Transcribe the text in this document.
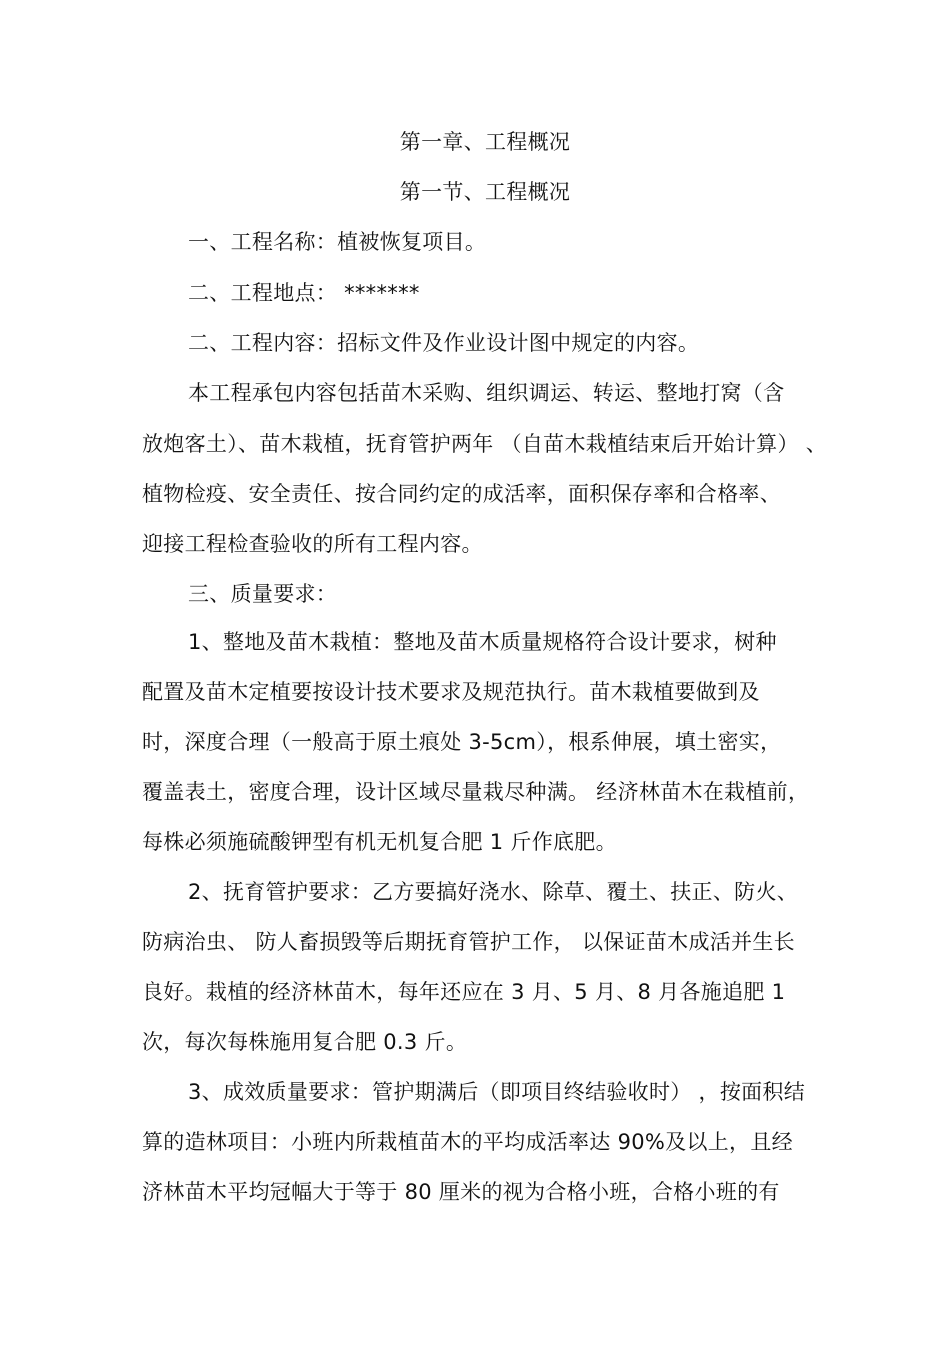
第一章、工程概况
第一节、工程概况
一、工程名称：植被恢复项目。
二、工程地点： *******
二、工程内容：招标文件及作业设计图中规定的内容。
本工程承包内容包括苗木采购、组织调运、转运、整地打窝（含
放炮客土）、苗木栽植，抚育管护两年 （自苗木栽植结束后开始计算） 、
植物检疫、安全责任、按合同约定的成活率，面积保存率和合格率、
迎接工程检查验收的所有工程内容。
三、质量要求：
1、整地及苗木栽植：整地及苗木质量规格符合设计要求，树种
配置及苗木定植要按设计技术要求及规范执行。苗木栽植要做到及
时，深度合理（一般高于原土痕处 3-5cm），根系伸展，填土密实，
覆盖表土，密度合理，设计区域尽量栽尽种满。 经济林苗木在栽植前，
每株必须施硫酸钾型有机无机复合肥 1 斤作底肥。
2、抚育管护要求：乙方要搞好浇水、除草、覆土、扶正、防火、
防病治虫、 防人畜损毁等后期抚育管护工作， 以保证苗木成活并生长
良好。栽植的经济林苗木，每年还应在 3 月、5 月、8 月各施追肥 1
次，每次每株施用复合肥 0.3 斤。
3、成效质量要求：管护期满后（即项目终结验收时） ，按面积结
算的造林项目：小班内所栽植苗木的平均成活率达 90%及以上，且经
济林苗木平均冠幅大于等于 80 厘米的视为合格小班，合格小班的有
